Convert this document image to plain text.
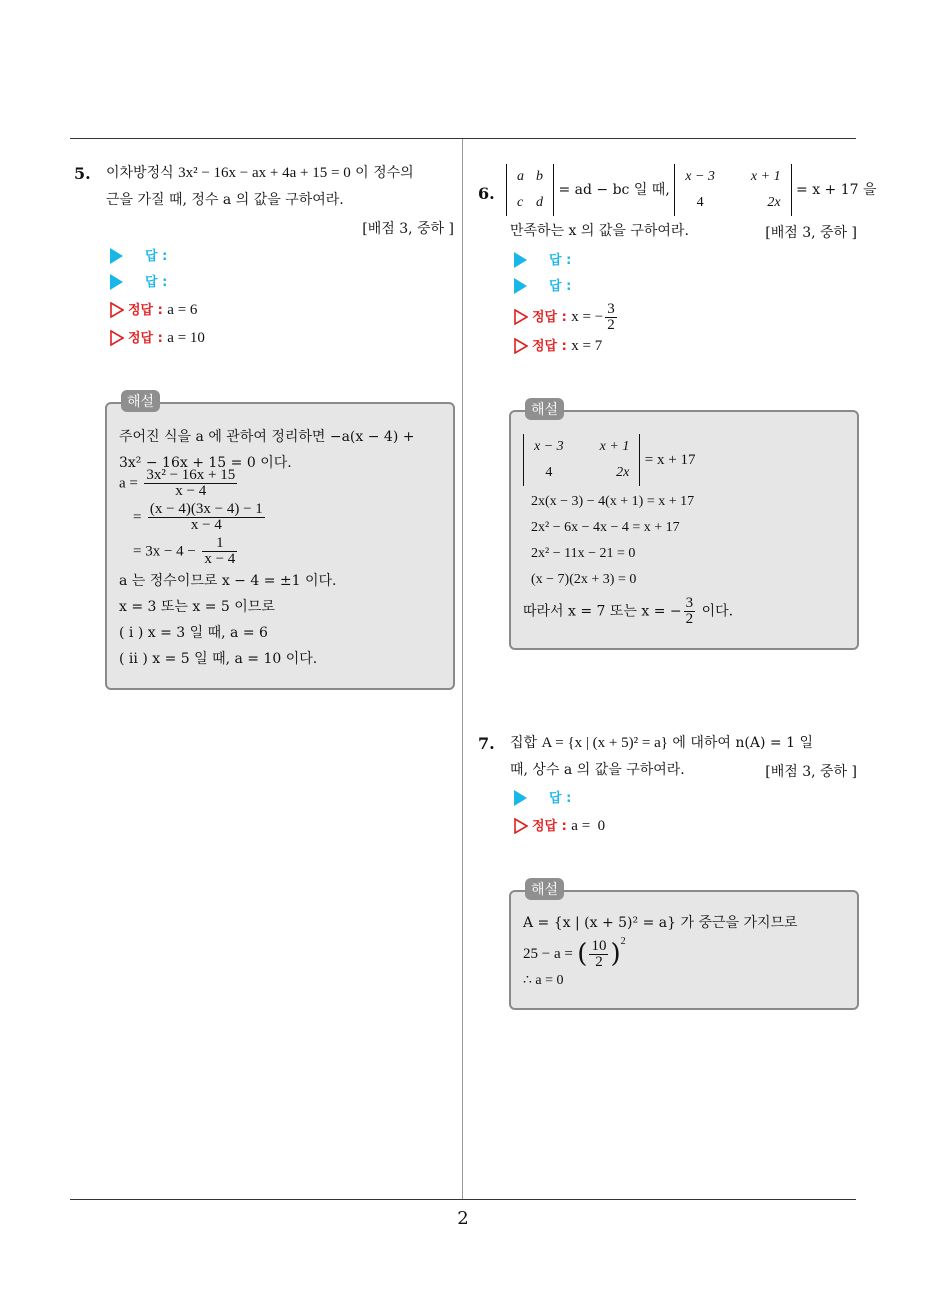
2
5. 이차방정식 3x² − 16x − ax + 4a + 15 = 0 이 정수의
근을 가질 때, 정수 a 의 값을 구하여라.
[배점 3, 중하 ]
답 :
답 :
정답 : a = 6
정답 : a = 10
해설
주어진 식을 a 에 관하여 정리하면 −a(x − 4) +
3x² − 16x + 15 = 0 이다.
$a = \frac{\text{3x² − 16x + 15}}{x - 4}$
= $\frac{(x - 4)(3x - 4) - 1}{x - 4}$
= $3x - 4 - \frac{1}{x - 4}$
a 는 정수이므로 x − 4 = ±1 이다.
x = 3 또는 x = 5 이므로
( i ) x = 3 일 때, a = 6
( ii ) x = 5 일 때, a = 10 이다.
6.
a	b
c	d
= ad − bc 일 때,
x − 3	x + 1
4	2x
= x + 17 을
만족하는 x 의 값을 구하여라.	[배점 3, 중하 ]
답 :
답 :
정답 : x = − $\frac{3}{2}$
정답 : x = 7
해설
x − 3	x + 1
4	2x
= x + 17
2x(x − 3) − 4(x + 1) = x + 17
2x² − 6x − 4x − 4 = x + 17
2x² − 11x − 21 = 0
(x − 7)(2x + 3) = 0
따라서 x = 7 또는 x = − $\frac{3}{2}$ 이다.
7. 집합 A = {x | (x + 5)² = a} 에 대하여 n(A) = 1 일
때, 상수 a 의 값을 구하여라.	[배점 3, 중하 ]
답 :
정답 : a =  0
해설
A = {x | (x + 5)² = a} 가 중근을 가지므로
25 − a = ( $\frac{10}{2} )^2$
∴ a = 0
